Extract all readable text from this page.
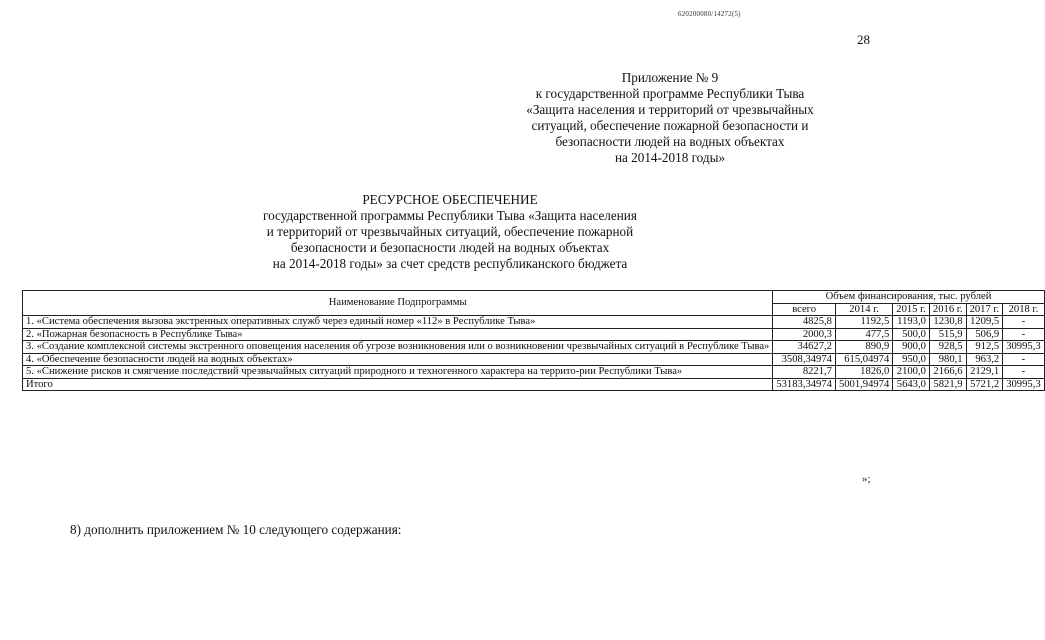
620200080/14272(5)
28
Приложение № 9
к государственной программе Республики Тыва
«Защита населения и территорий от чрезвычайных
ситуаций, обеспечение пожарной безопасности и
безопасности людей на водных объектах
на 2014-2018 годы»
РЕСУРСНОЕ ОБЕСПЕЧЕНИЕ
государственной программы Республики Тыва «Защита населения
и территорий от чрезвычайных ситуаций, обеспечение пожарной
безопасности и безопасности людей на водных объектах
на 2014-2018 годы» за счет средств республиканского бюджета
Наименование Подпрограммы	Объем финансирования, тыс. рублей					
	всего	2014 г.	2015 г.	2016 г.	2017 г.	2018 г.
1. «Система обеспечения вызова экстренных оперативных служб через единый номер «112» в Республике Тыва»	4825,8	1192,5	1193,0	1230,8	1209,5	-
2. «Пожарная безопасность в Республике Тыва»	2000,3	477,5	500,0	515,9	506,9	-
3. «Создание комплексной системы экстренного оповещения населения об угрозе возникновения или о возникновении чрезвычайных ситуаций в Республике Тыва»	34627,2	890,9	900,0	928,5	912,5	30995,3
4. «Обеспечение безопасности людей на водных объектах»	3508,34974	615,04974	950,0	980,1	963,2	-
5. «Снижение рисков и смягчение последствий чрезвычайных ситуаций природного и техногенного характера на террито-рии Республики Тыва»	8221,7	1826,0	2100,0	2166,6	2129,1	-
Итого	53183,34974	5001,94974	5643,0	5821,9	5721,2	30995,3
»;
8) дополнить приложением № 10 следующего содержания:
